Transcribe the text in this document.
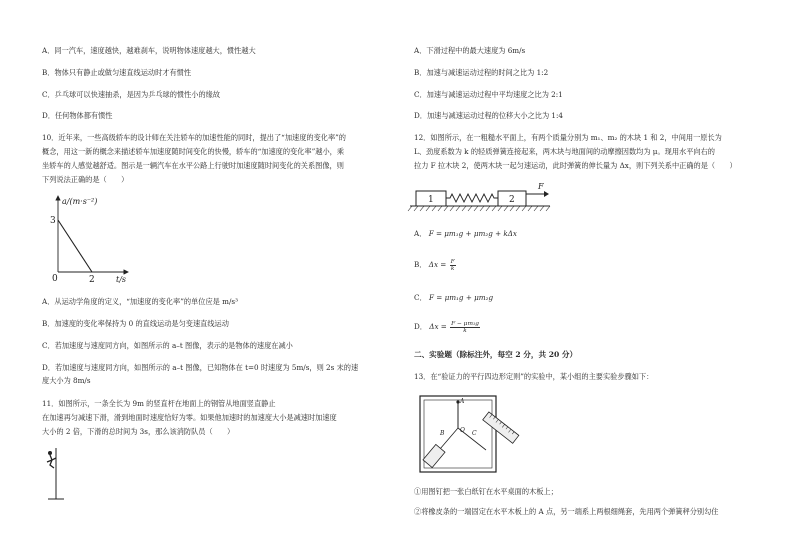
A．同一汽车，速度越快，越难刹车，说明物体速度越大，惯性越大
B．物体只有静止或做匀速直线运动时才有惯性
C．乒乓球可以快速抽杀，是因为乒乓球的惯性小的缘故
D．任何物体都有惯性
10．近年来，一些高级轿车的设计师在关注轿车的加速性能的同时，提出了“加速度的变化率”的
概念，用这一新的概念来描述轿车加速度随时间变化的快慢，轿车的“加速度的变化率”越小，乘
坐轿车的人感觉越舒适。图示是一辆汽车在水平公路上行驶时加速度随时间变化的关系图像，则
下列说法正确的是（　　）
a/(m·s⁻²)
3
0	2	t/s
A．从运动学角度的定义，“加速度的变化率”的单位应是 m/s³
B．加速度的变化率保持为 0 的直线运动是匀变速直线运动
C．若加速度与速度同方向，如图所示的 a–t 图像，表示的是物体的速度在减小
D．若加速度与速度同方向，如图所示的 a–t 图像，已知物体在 t=0 时速度为 5m/s，则 2s 末的速
度大小为 8m/s
11．如图所示，一条全长为 9m 的竖直杆在地面上的钢管从地面竖直静止
在加速再匀减速下滑，滑到地面时速度恰好为零。如果他加速时的加速度大小是减速时加速度
大小的 2 倍，下滑的总时间为 3s，那么该消防队员（　　）
A．下滑过程中的最大速度为 6m/s
B．加速与减速运动过程的时间之比为 1:2
C．加速与减速运动过程中平均速度之比为 2:1
D．加速与减速运动过程的位移大小之比为 1:4
12．如图所示，在一粗糙水平面上，有两个质量分别为 m₁、m₂ 的木块 1 和 2，中间用一原长为
L、劲度系数为 k 的轻质弹簧连接起来，两木块与地面间的动摩擦因数均为 μ。现用水平向右的
拉力 F 拉木块 2，使两木块一起匀速运动，此时弹簧的伸长量为 Δx，则下列关系中正确的是（　　）
1	2
F
A． F = μm₁g + μm₂g + kΔx
B． $\Delta x = \frac{F}{k}$
C． F = μm₁g + μm₂g
D． $\Delta x = \frac{\text{F − μm₁g}}{k}$
二、实验题（除标注外，每空 2 分，共 20 分）
13．在“验证力的平行四边形定则”的实验中，某小组的主要实验步骤如下：
A
B	O C
①用图钉把一张白纸钉在水平桌面的木板上；
②将橡皮条的一端固定在水平木板上的 A 点，另一端系上两根细绳套，先用两个弹簧秤分别勾住
